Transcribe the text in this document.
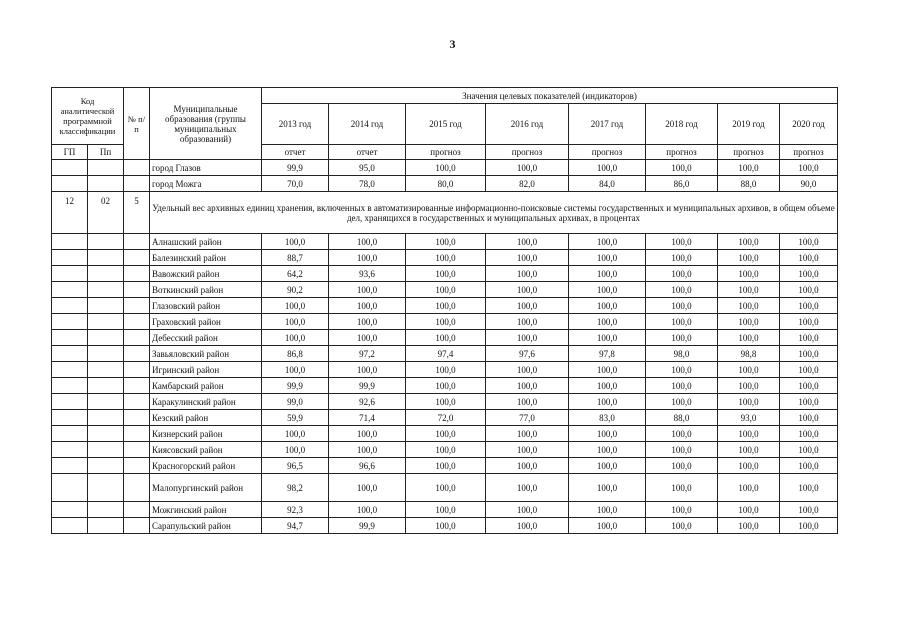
3
Код аналитической программной классификации		№ п/п	Муниципальные образования (группы муниципальных образований)	Значения целевых показателей (индикаторов)							
				2013 год	2014 год	2015 год	2016 год	2017 год	2018 год	2019 год	2020 год
ГП	Пп			отчет	отчет	прогноз	прогноз	прогноз	прогноз	прогноз	прогноз
			город Глазов	99,9	95,0	100,0	100,0	100,0	100,0	100,0	100,0
			город Можга	70,0	78,0	80,0	82,0	84,0	86,0	88,0	90,0
12	02	5	Удельный вес архивных единиц хранения, включенных в автоматизированные информационно-поисковые системы государственных и муниципальных архивов, в общем объеме дел, хранящихся в государственных и муниципальных архивах, в процентах								
			Алнашский район	100,0	100,0	100,0	100,0	100,0	100,0	100,0	100,0
			Балезинский район	88,7	100,0	100,0	100,0	100,0	100,0	100,0	100,0
			Вавожский район	64,2	93,6	100,0	100,0	100,0	100,0	100,0	100,0
			Воткинский район	90,2	100,0	100,0	100,0	100,0	100,0	100,0	100,0
			Глазовский район	100,0	100,0	100,0	100,0	100,0	100,0	100,0	100,0
			Граховский район	100,0	100,0	100,0	100,0	100,0	100,0	100,0	100,0
			Дебесский район	100,0	100,0	100,0	100,0	100,0	100,0	100,0	100,0
			Завьяловский район	86,8	97,2	97,4	97,6	97,8	98,0	98,8	100,0
			Игринский район	100,0	100,0	100,0	100,0	100,0	100,0	100,0	100,0
			Камбарский район	99,9	99,9	100,0	100,0	100,0	100,0	100,0	100,0
			Каракулинский район	99,0	92,6	100,0	100,0	100,0	100,0	100,0	100,0
			Кезский район	59,9	71,4	72,0	77,0	83,0	88,0	93,0	100,0
			Кизнерский район	100,0	100,0	100,0	100,0	100,0	100,0	100,0	100,0
			Киясовский район	100,0	100,0	100,0	100,0	100,0	100,0	100,0	100,0
			Красногорский район	96,5	96,6	100,0	100,0	100,0	100,0	100,0	100,0
			Малопургинский район	98,2	100,0	100,0	100,0	100,0	100,0	100,0	100,0
			Можгинский район	92,3	100,0	100,0	100,0	100,0	100,0	100,0	100,0
			Сарапульский район	94,7	99,9	100,0	100,0	100,0	100,0	100,0	100,0
